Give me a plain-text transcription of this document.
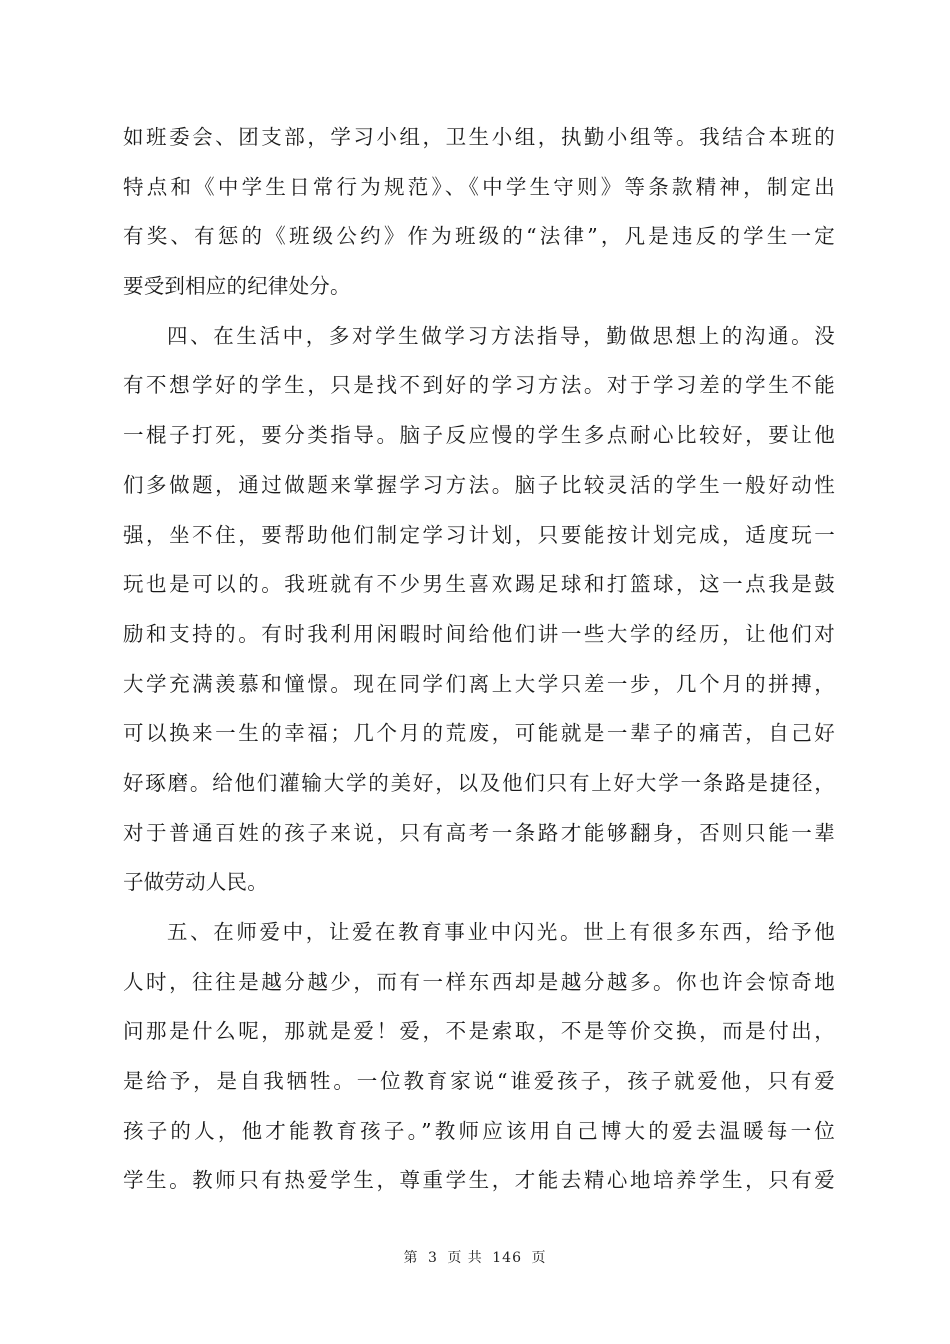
如班委会、团支部，学习小组，卫生小组，执勤小组等。我结合本班的
特点和《中学生日常行为规范》、《中学生守则》等条款精神，制定出
有奖、有惩的《班级公约》作为班级的“法律”，凡是违反的学生一定
要受到相应的纪律处分。
四、在生活中，多对学生做学习方法指导，勤做思想上的沟通。没
有不想学好的学生，只是找不到好的学习方法。对于学习差的学生不能
一棍子打死，要分类指导。脑子反应慢的学生多点耐心比较好，要让他
们多做题，通过做题来掌握学习方法。脑子比较灵活的学生一般好动性
强，坐不住，要帮助他们制定学习计划，只要能按计划完成，适度玩一
玩也是可以的。我班就有不少男生喜欢踢足球和打篮球，这一点我是鼓
励和支持的。有时我利用闲暇时间给他们讲一些大学的经历，让他们对
大学充满羡慕和憧憬。现在同学们离上大学只差一步，几个月的拼搏，
可以换来一生的幸福；几个月的荒废，可能就是一辈子的痛苦，自己好
好琢磨。给他们灌输大学的美好，以及他们只有上好大学一条路是捷径，
对于普通百姓的孩子来说，只有高考一条路才能够翻身，否则只能一辈
子做劳动人民。
五、在师爱中，让爱在教育事业中闪光。世上有很多东西，给予他
人时，往往是越分越少，而有一样东西却是越分越多。你也许会惊奇地
问那是什么呢，那就是爱！爱，不是索取，不是等价交换，而是付出，
是给予，是自我牺牲。一位教育家说“谁爱孩子，孩子就爱他，只有爱
孩子的人，他才能教育孩子。”教师应该用自己博大的爱去温暖每一位
学生。教师只有热爱学生，尊重学生，才能去精心地培养学生，只有爱
第 3 页 共 146 页
